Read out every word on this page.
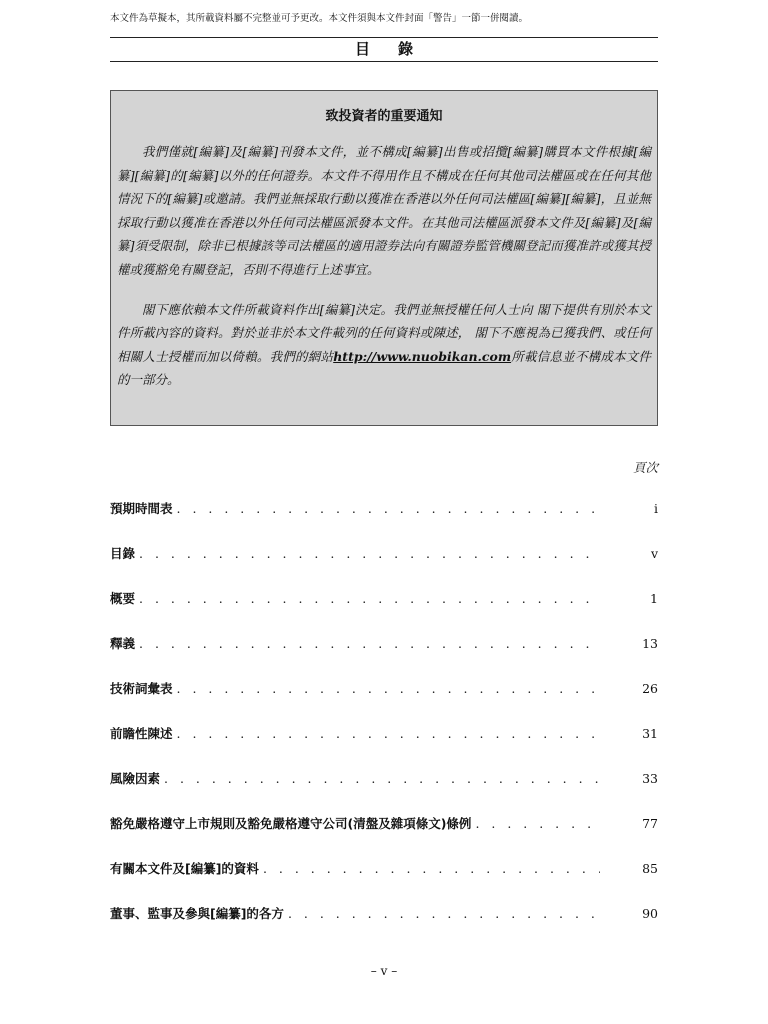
本文件為草擬本，其所載資料屬不完整並可予更改。本文件須與本文件封面「警告」一節一併閱讀。
目錄
致投資者的重要通知

我們僅就[編纂]及[編纂]刊發本文件，並不構成[編纂]出售或招攬[編纂]購買本文件根據[編纂][編纂]的[編纂]以外的任何證券。本文件不得用作且不構成在任何其他司法權區或在任何其他情況下的[編纂]或邀請。我們並無採取行動以獲准在香港以外任何司法權區[編纂][編纂]，且並無採取行動以獲准在香港以外任何司法權區派發本文件。在其他司法權區派發本文件及[編纂]及[編纂]須受限制，除非已根據該等司法權區的適用證券法向有關證券監管機關登記而獲准許或獲其授權或獲豁免有關登記，否則不得進行上述事宜。

閣下應依賴本文件所載資料作出[編纂]決定。我們並無授權任何人士向 閣下提供有別於本文件所載內容的資料。對於並非於本文件載列的任何資料或陳述， 閣下不應視為已獲我們、或任何相關人士授權而加以倚賴。我們的網站http://www.nuobikan.com所載信息並不構成本文件的一部分。

頁次
預期時間表 . . .	i
目錄 . . .	v
概要 . . .	1
釋義 . . .	13
技術詞彙表 . . .	26
前瞻性陳述 . . .	31
風險因素 . . .	33
豁免嚴格遵守上市規則及豁免嚴格遵守公司(清盤及雜項條文)條例 . . .	77
有關本文件及[編纂]的資料 . . .	85
董事、監事及參與[編纂]的各方 . . .	90
– v –
